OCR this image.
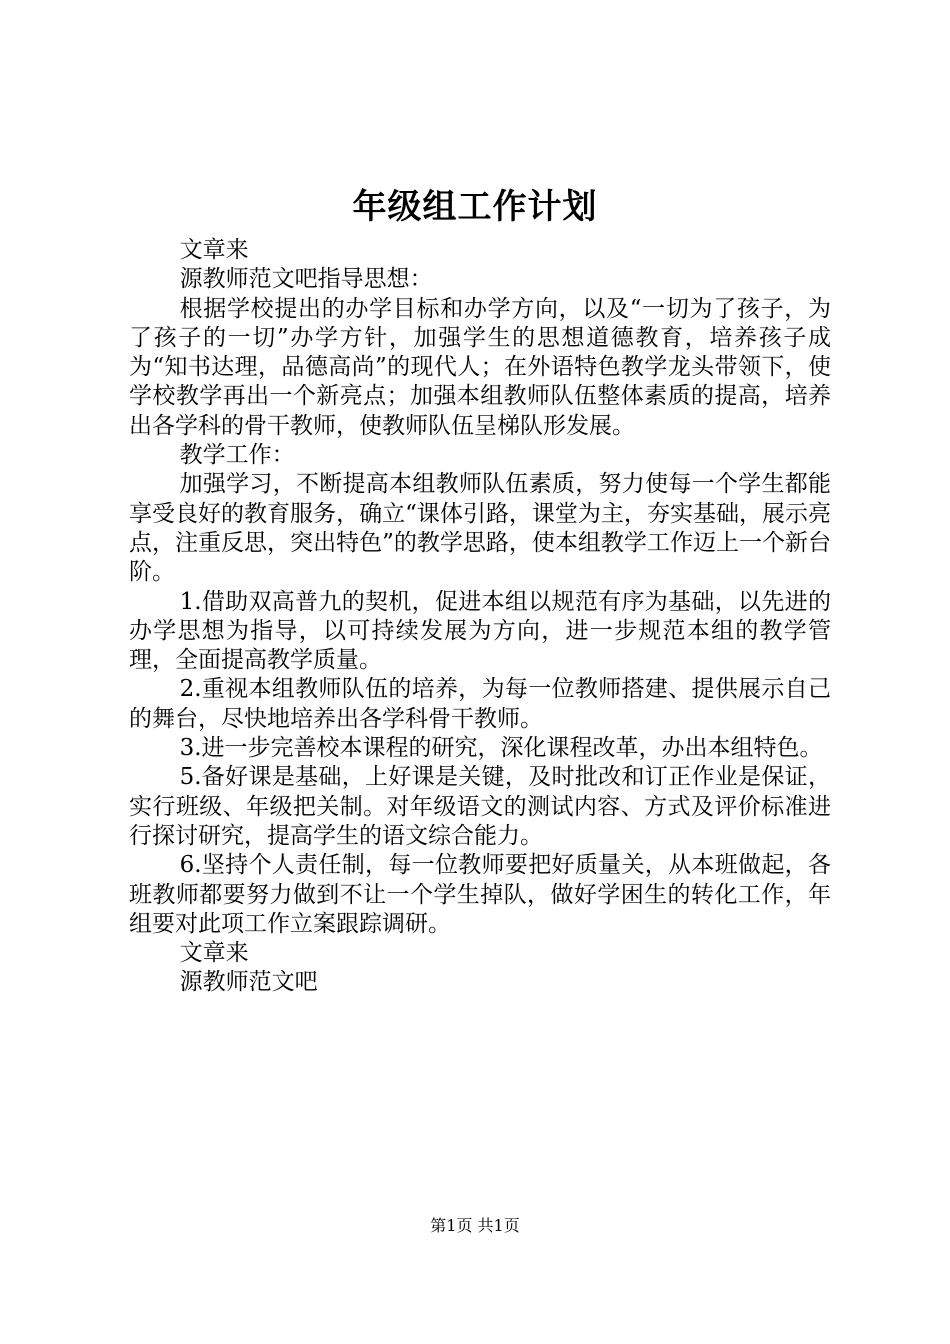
年级组工作计划

文章来

源教师范文吧指导思想：

根据学校提出的办学目标和办学方向，以及“一切为了孩子，为了孩子的一切”办学方针，加强学生的思想道德教育，培养孩子成为“知书达理，品德高尚”的现代人；在外语特色教学龙头带领下，使学校教学再出一个新亮点；加强本组教师队伍整体素质的提高，培养出各学科的骨干教师，使教师队伍呈梯队形发展。

教学工作：

加强学习，不断提高本组教师队伍素质，努力使每一个学生都能享受良好的教育服务，确立“课体引路，课堂为主，夯实基础，展示亮点，注重反思，突出特色”的教学思路，使本组教学工作迈上一个新台阶。

1.借助双高普九的契机，促进本组以规范有序为基础，以先进的办学思想为指导，以可持续发展为方向，进一步规范本组的教学管理，全面提高教学质量。

2.重视本组教师队伍的培养，为每一位教师搭建、提供展示自己的舞台，尽快地培养出各学科骨干教师。

3.进一步完善校本课程的研究，深化课程改革，办出本组特色。

5.备好课是基础，上好课是关键，及时批改和订正作业是保证，实行班级、年级把关制。对年级语文的测试内容、方式及评价标准进行探讨研究，提高学生的语文综合能力。

6.坚持个人责任制，每一位教师要把好质量关，从本班做起，各班教师都要努力做到不让一个学生掉队，做好学困生的转化工作，年组要对此项工作立案跟踪调研。

文章来

源教师范文吧

第1页 共1页
